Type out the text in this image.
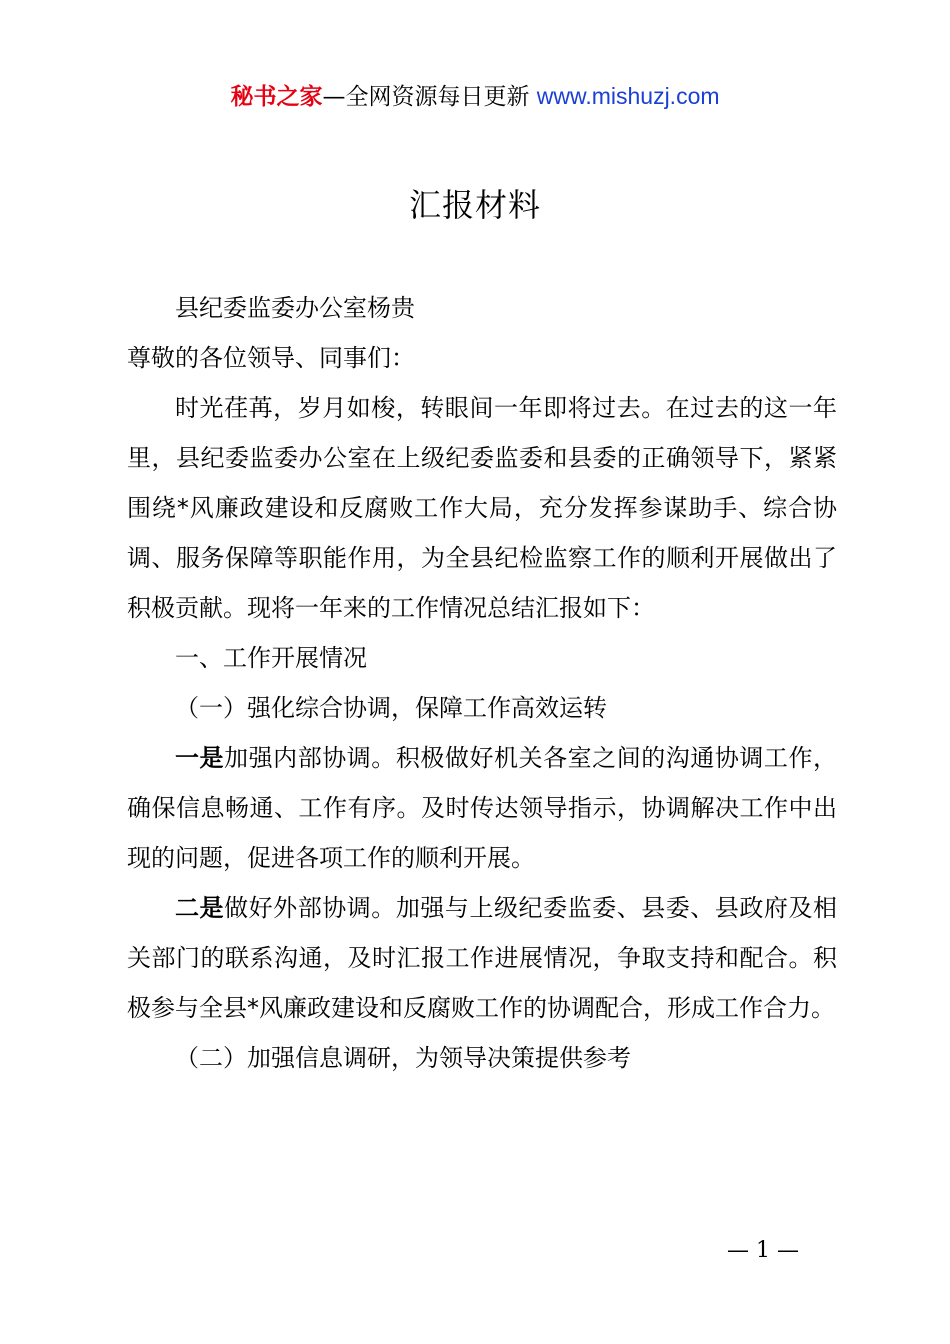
秘书之家—全网资源每日更新 www.mishuzj.com
汇报材料

县纪委监委办公室杨贵

尊敬的各位领导、同事们：

时光荏苒，岁月如梭，转眼间一年即将过去。在过去的这一年里，县纪委监委办公室在上级纪委监委和县委的正确领导下，紧紧围绕*风廉政建设和反腐败工作大局，充分发挥参谋助手、综合协调、服务保障等职能作用，为全县纪检监察工作的顺利开展做出了积极贡献。现将一年来的工作情况总结汇报如下：

一、工作开展情况

（一）强化综合协调，保障工作高效运转

一是加强内部协调。积极做好机关各室之间的沟通协调工作，确保信息畅通、工作有序。及时传达领导指示，协调解决工作中出现的问题，促进各项工作的顺利开展。

二是做好外部协调。加强与上级纪委监委、县委、县政府及相关部门的联系沟通，及时汇报工作进展情况，争取支持和配合。积极参与全县*风廉政建设和反腐败工作的协调配合，形成工作合力。

（二）加强信息调研，为领导决策提供参考

— 1 —
